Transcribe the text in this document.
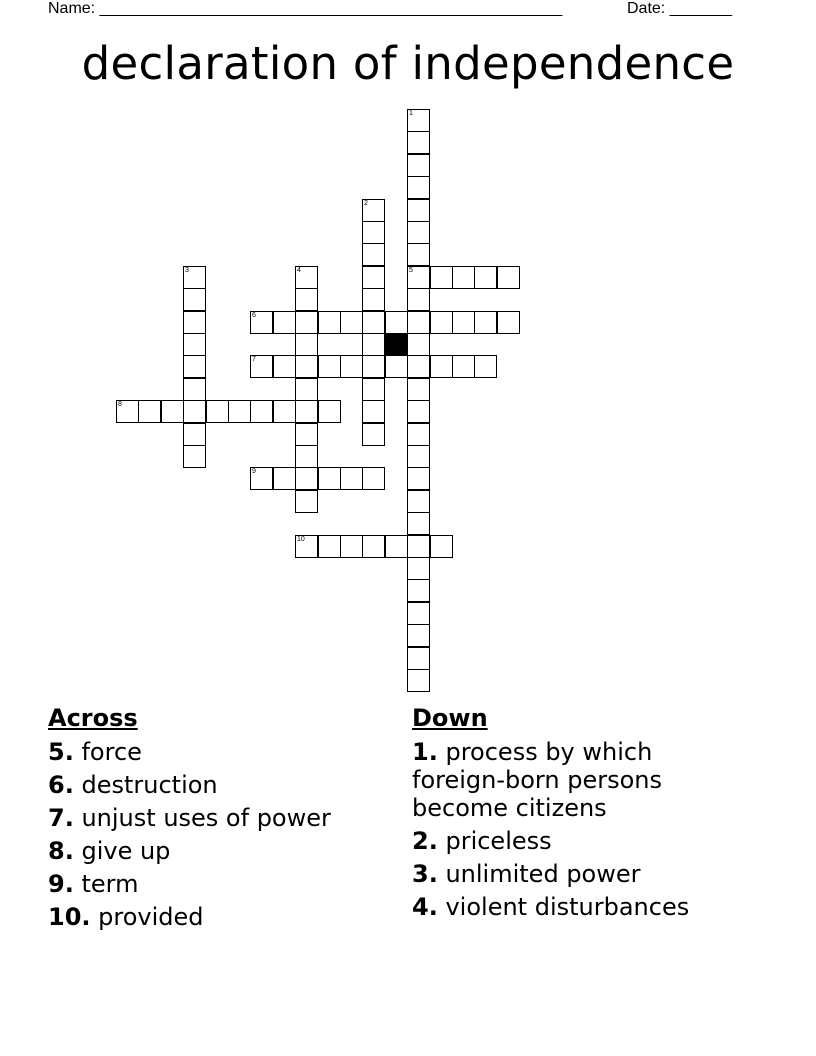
Name: ____________________________________________________	Date: _______
declaration of independence
1
5
2
3	4
6
7
8
9
10
Across
5. force
6. destruction
7. unjust uses of power
8. give up
9. term
10. provided
Down
1. process by which foreign-born persons become citizens
2. priceless
3. unlimited power
4. violent disturbances
